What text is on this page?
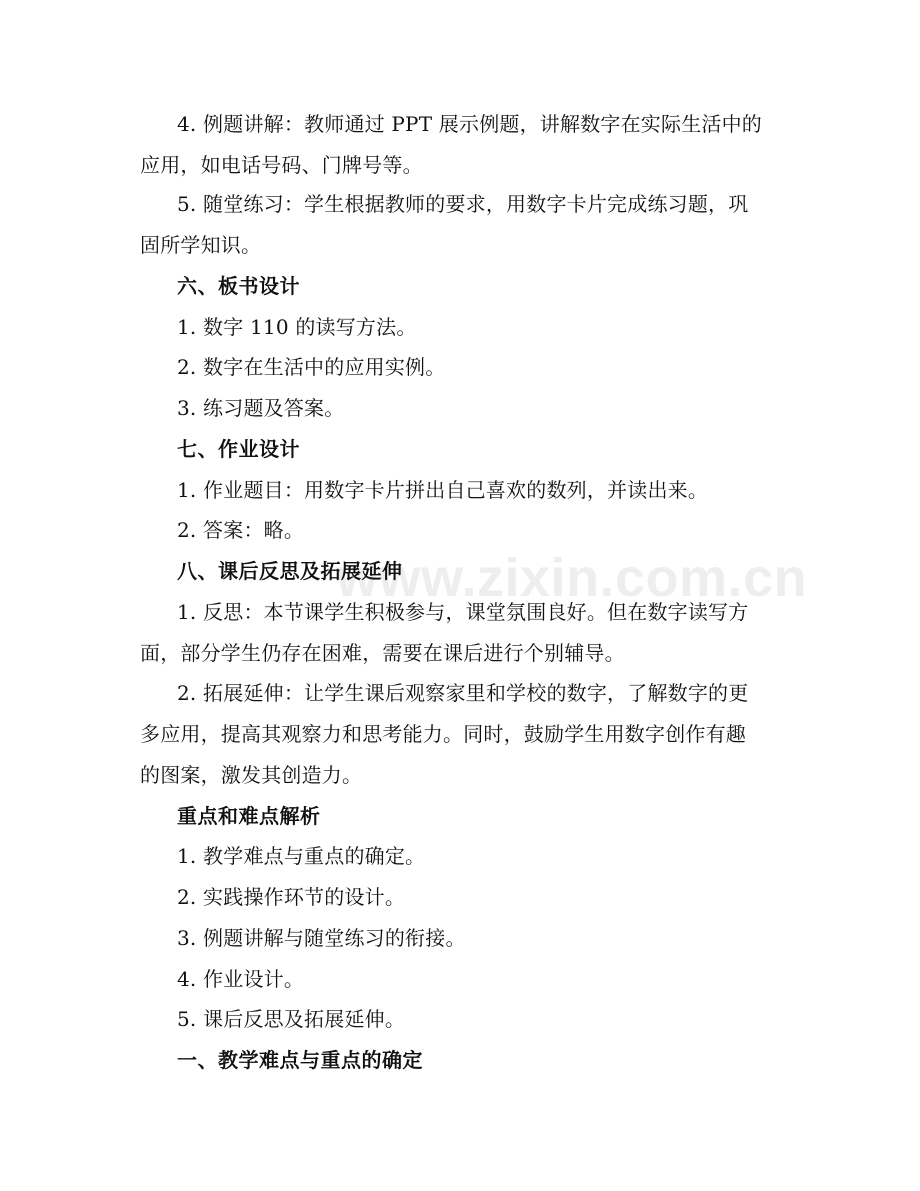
www.zixin.com.cn
4. 例题讲解：教师通过 PPT 展示例题，讲解数字在实际生活中的
应用，如电话号码、门牌号等。
5. 随堂练习：学生根据教师的要求，用数字卡片完成练习题，巩
固所学知识。
六、板书设计
1. 数字 110 的读写方法。
2. 数字在生活中的应用实例。
3. 练习题及答案。
七、作业设计
1. 作业题目：用数字卡片拼出自己喜欢的数列，并读出来。
2. 答案：略。
八、课后反思及拓展延伸
1. 反思：本节课学生积极参与，课堂氛围良好。但在数字读写方
面，部分学生仍存在困难，需要在课后进行个别辅导。
2. 拓展延伸：让学生课后观察家里和学校的数字，了解数字的更
多应用，提高其观察力和思考能力。同时，鼓励学生用数字创作有趣
的图案，激发其创造力。
重点和难点解析
1. 教学难点与重点的确定。
2. 实践操作环节的设计。
3. 例题讲解与随堂练习的衔接。
4. 作业设计。
5. 课后反思及拓展延伸。
一、教学难点与重点的确定
